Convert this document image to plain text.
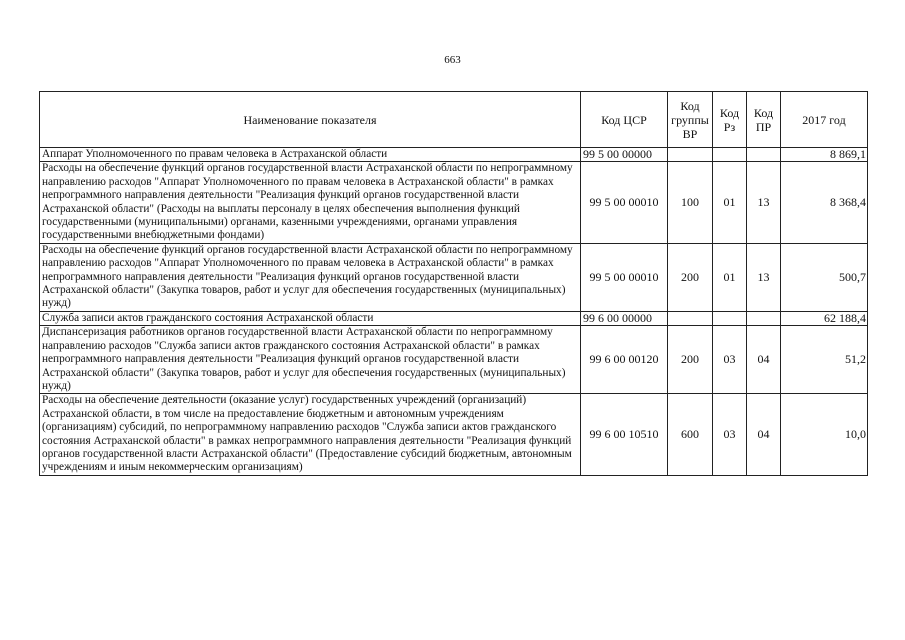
663
Наименование показателя	Код ЦСР	Код группы ВР	Код Рз	Код ПР	2017 год
Аппарат Уполномоченного по правам человека в Астраханской области	99 5 00 00000				8 869,1
Расходы на обеспечение функций органов государственной власти Астраханской области по непрограммному направлению расходов "Аппарат Уполномоченного по правам человека в Астраханской области" в рамках непрограммного направления деятельности "Реализация функций органов государственной власти Астраханской области" (Расходы на выплаты персоналу в целях обеспечения выполнения функций государственными (муниципальными) органами, казенными учреждениями, органами управления государственными внебюджетными фондами)	99 5 00 00010	100	01	13	8 368,4
Расходы на обеспечение функций органов государственной власти Астраханской области по непрограммному направлению расходов "Аппарат Уполномоченного по правам человека в Астраханской области" в рамках непрограммного направления деятельности "Реализация функций органов государственной власти Астраханской области" (Закупка товаров, работ и услуг для обеспечения государственных (муниципальных) нужд)	99 5 00 00010	200	01	13	500,7
Служба записи актов гражданского состояния Астраханской области	99 6 00 00000				62 188,4
Диспансеризация работников органов государственной власти Астраханской области по непрограммному направлению расходов "Служба записи актов гражданского состояния Астраханской области" в рамках непрограммного направления деятельности "Реализация функций органов государственной власти Астраханской области" (Закупка товаров, работ и услуг для обеспечения государственных (муниципальных) нужд)	99 6 00 00120	200	03	04	51,2
Расходы на обеспечение деятельности (оказание услуг) государственных учреждений (организаций) Астраханской области, в том числе на предоставление бюджетным и автономным учреждениям (организациям) субсидий, по непрограммному направлению расходов "Служба записи актов гражданского состояния Астраханской области" в рамках непрограммного направления деятельности "Реализация функций органов государственной власти Астраханской области" (Предоставление субсидий бюджетным, автономным учреждениям и иным некоммерческим организациям)	99 6 00 10510	600	03	04	10,0
